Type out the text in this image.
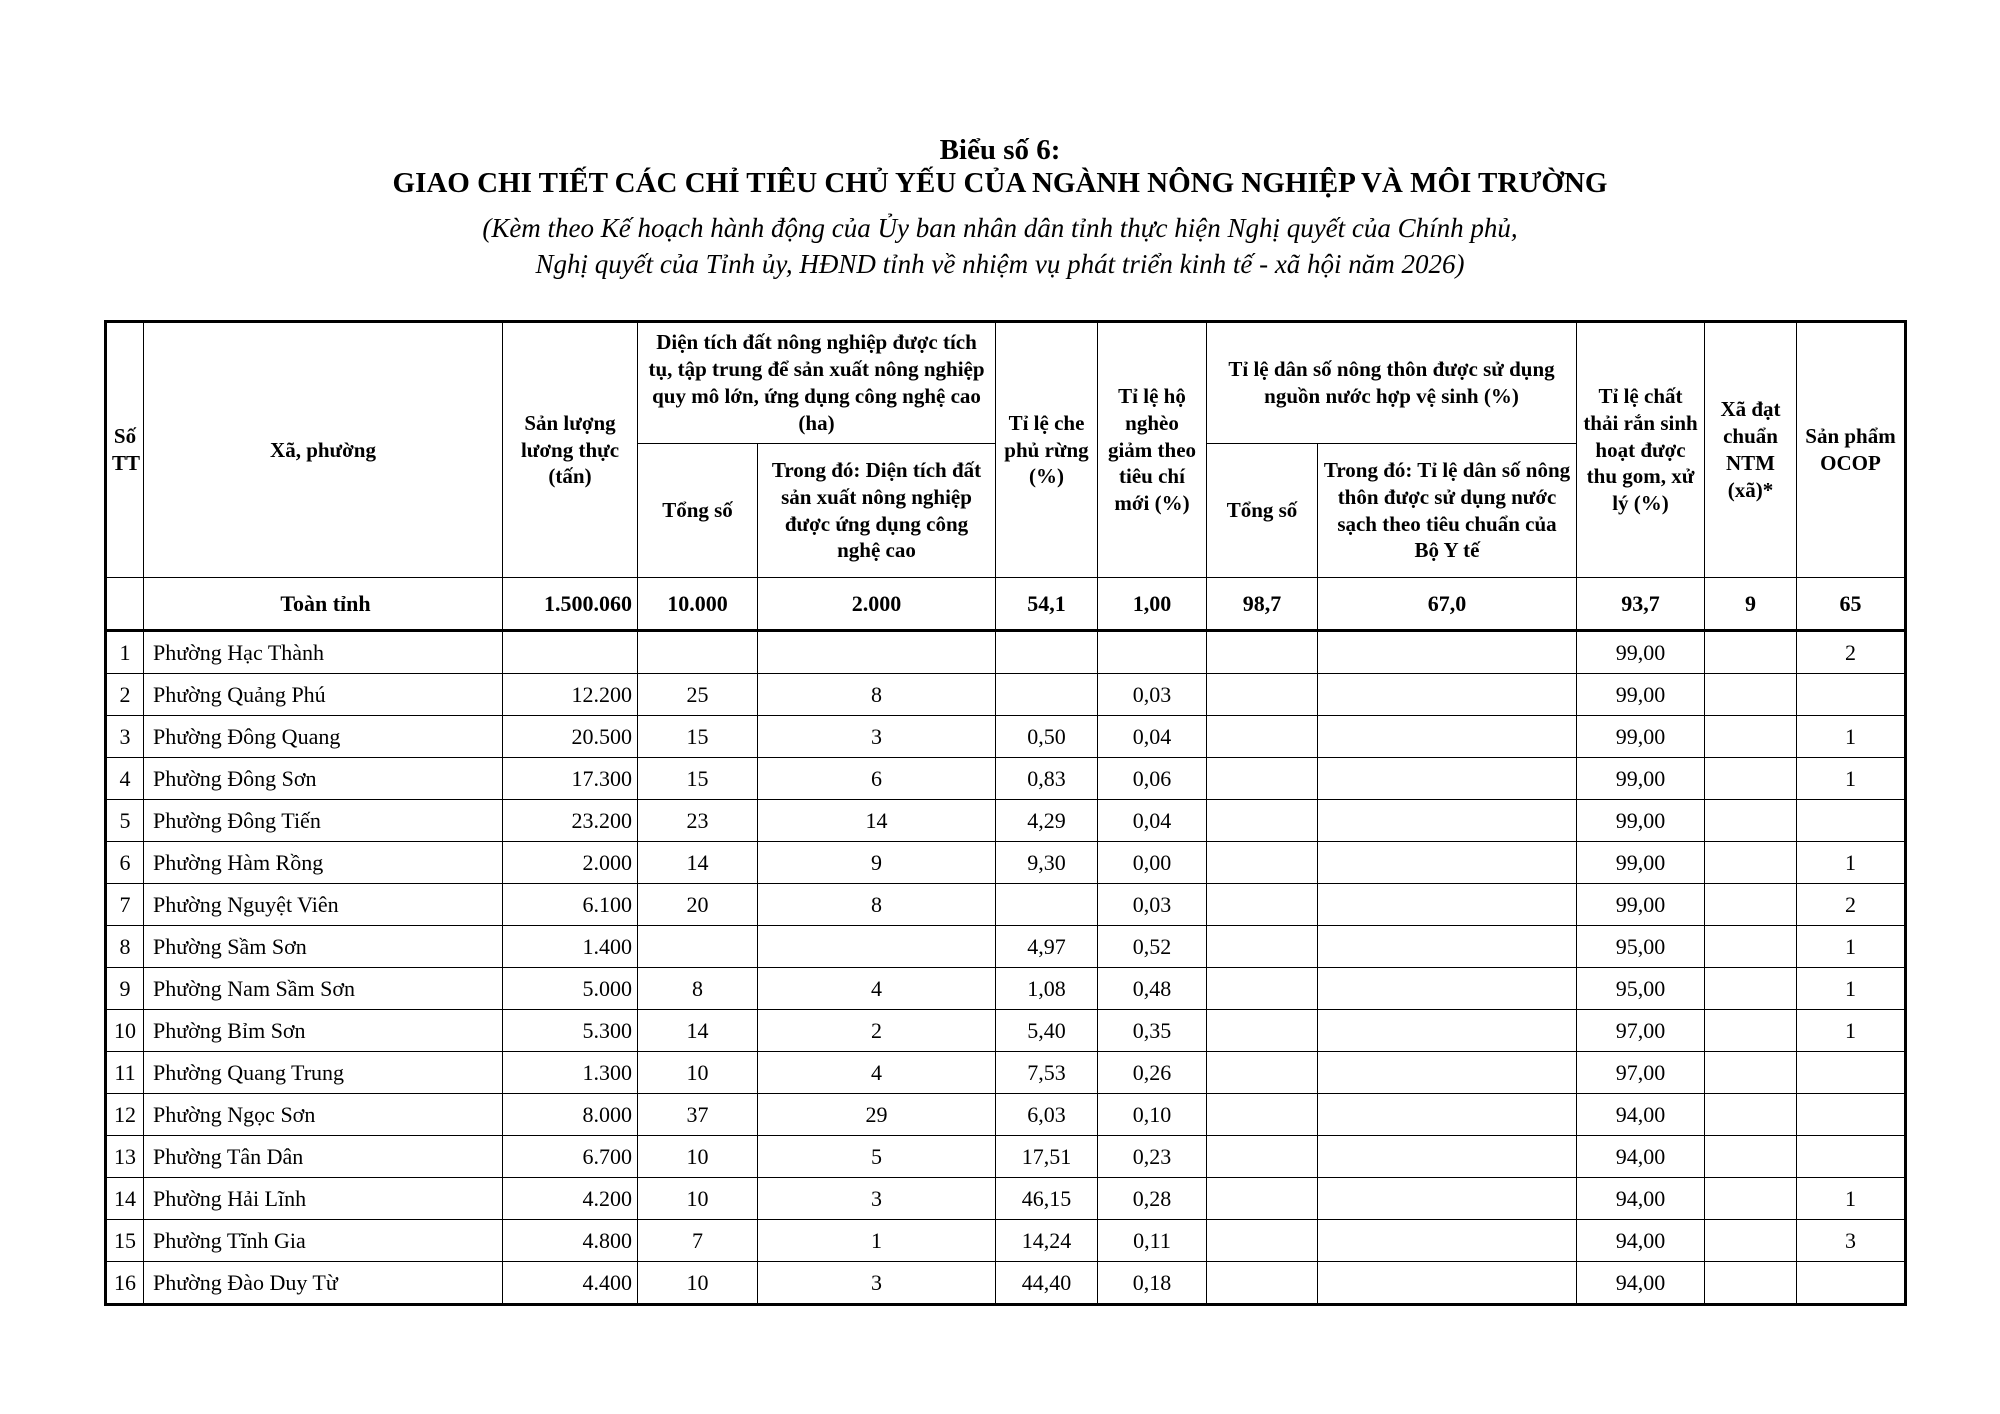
Biểu số 6:
GIAO CHI TIẾT CÁC CHỈ TIÊU CHỦ YẾU CỦA NGÀNH NÔNG NGHIỆP VÀ MÔI TRƯỜNG
(Kèm theo Kế hoạch hành động của Ủy ban nhân dân tỉnh thực hiện Nghị quyết của Chính phủ,
Nghị quyết của Tỉnh ủy, HĐND tỉnh về nhiệm vụ phát triển kinh tế - xã hội năm 2026)
Số TT	Xã, phường	Sản lượng lương thực (tấn)	Diện tích đất nông nghiệp được tích tụ, tập trung để sản xuất nông nghiệp quy mô lớn, ứng dụng công nghệ cao (ha)		Tỉ lệ che phủ rừng (%)	Tỉ lệ hộ nghèo giảm theo tiêu chí mới (%)	Tỉ lệ dân số nông thôn được sử dụng nguồn nước hợp vệ sinh (%)		Tỉ lệ chất thải rắn sinh hoạt được thu gom, xử lý (%)	Xã đạt chuẩn NTM (xã)*	Sản phẩm OCOP
			Tổng số	Trong đó: Diện tích đất sản xuất nông nghiệp được ứng dụng công nghệ cao			Tổng số	Trong đó: Tỉ lệ dân số nông thôn được sử dụng nước sạch theo tiêu chuẩn của Bộ Y tế			
	Toàn tỉnh	1.500.060	10.000	2.000	54,1	1,00	98,7	67,0	93,7	9	65
1	Phường Hạc Thành								99,00		2
2	Phường Quảng Phú	12.200	25	8		0,03			99,00		
3	Phường Đông Quang	20.500	15	3	0,50	0,04			99,00		1
4	Phường Đông Sơn	17.300	15	6	0,83	0,06			99,00		1
5	Phường Đông Tiến	23.200	23	14	4,29	0,04			99,00		
6	Phường Hàm Rồng	2.000	14	9	9,30	0,00			99,00		1
7	Phường Nguyệt Viên	6.100	20	8		0,03			99,00		2
8	Phường Sầm Sơn	1.400			4,97	0,52			95,00		1
9	Phường Nam Sầm Sơn	5.000	8	4	1,08	0,48			95,00		1
10	Phường Bỉm Sơn	5.300	14	2	5,40	0,35			97,00		1
11	Phường Quang Trung	1.300	10	4	7,53	0,26			97,00		
12	Phường Ngọc Sơn	8.000	37	29	6,03	0,10			94,00		
13	Phường Tân Dân	6.700	10	5	17,51	0,23			94,00		
14	Phường Hải Lĩnh	4.200	10	3	46,15	0,28			94,00		1
15	Phường Tĩnh Gia	4.800	7	1	14,24	0,11			94,00		3
16	Phường Đào Duy Từ	4.400	10	3	44,40	0,18			94,00		
